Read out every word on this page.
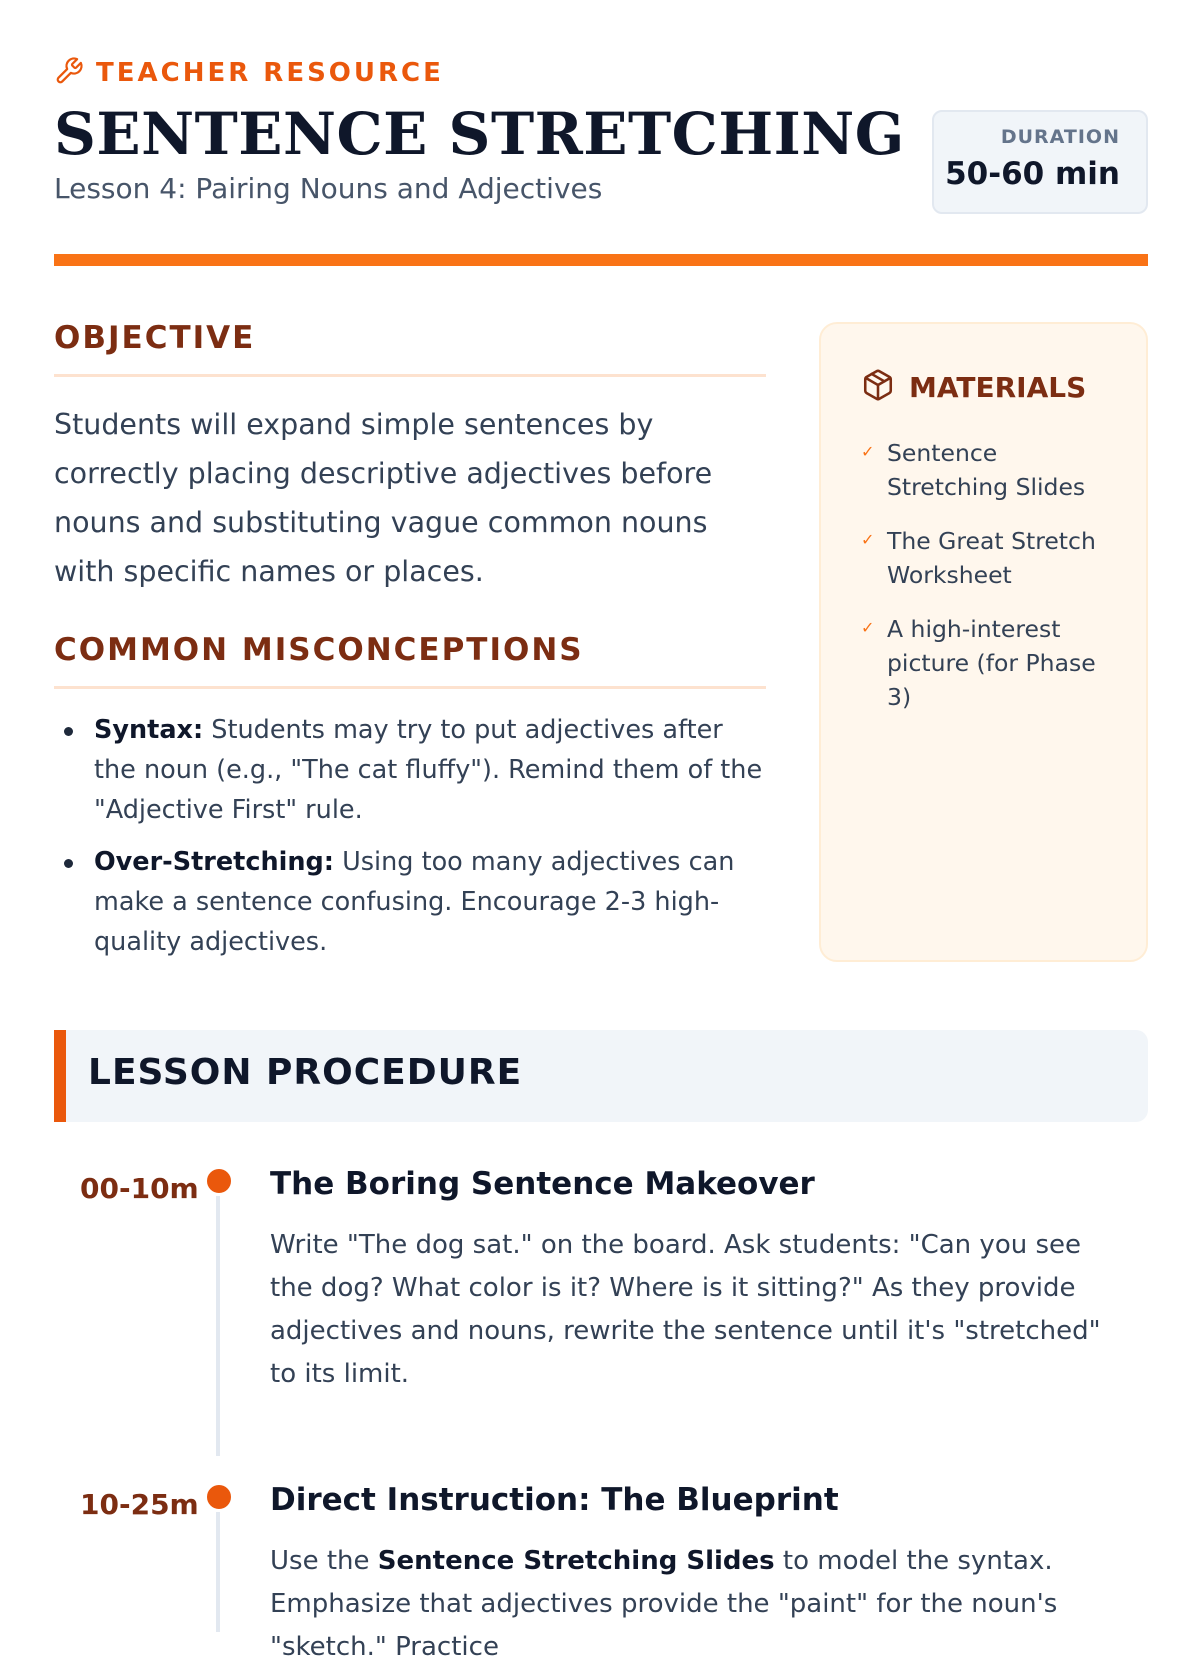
TEACHER RESOURCE
SENTENCE STRETCHING
Lesson 4: Pairing Nouns and Adjectives
DURATION
50-60 min
OBJECTIVE
Students will expand simple sentences by correctly placing descriptive adjectives before nouns and substituting vague common nouns with specific names or places.
COMMON MISCONCEPTIONS
Syntax: Students may try to put adjectives after the noun (e.g., "The cat fluffy"). Remind them of the "Adjective First" rule.
Over-Stretching: Using too many adjectives can make a sentence confusing. Encourage 2-3 high-quality adjectives.
MATERIALS
✓ Sentence Stretching Slides
✓ The Great Stretch Worksheet
✓ A high-interest picture (for Phase 3)
LESSON PROCEDURE
00-10m	The Boring Sentence Makeover
Write "The dog sat." on the board. Ask students: "Can you see the dog? What color is it? Where is it sitting?" As they provide adjectives and nouns, rewrite the sentence until it's "stretched" to its limit.
10-25m	Direct Instruction: The Blueprint
Use the Sentence Stretching Slides to model the syntax. Emphasize that adjectives provide the "paint" for the noun's "sketch." Practice
